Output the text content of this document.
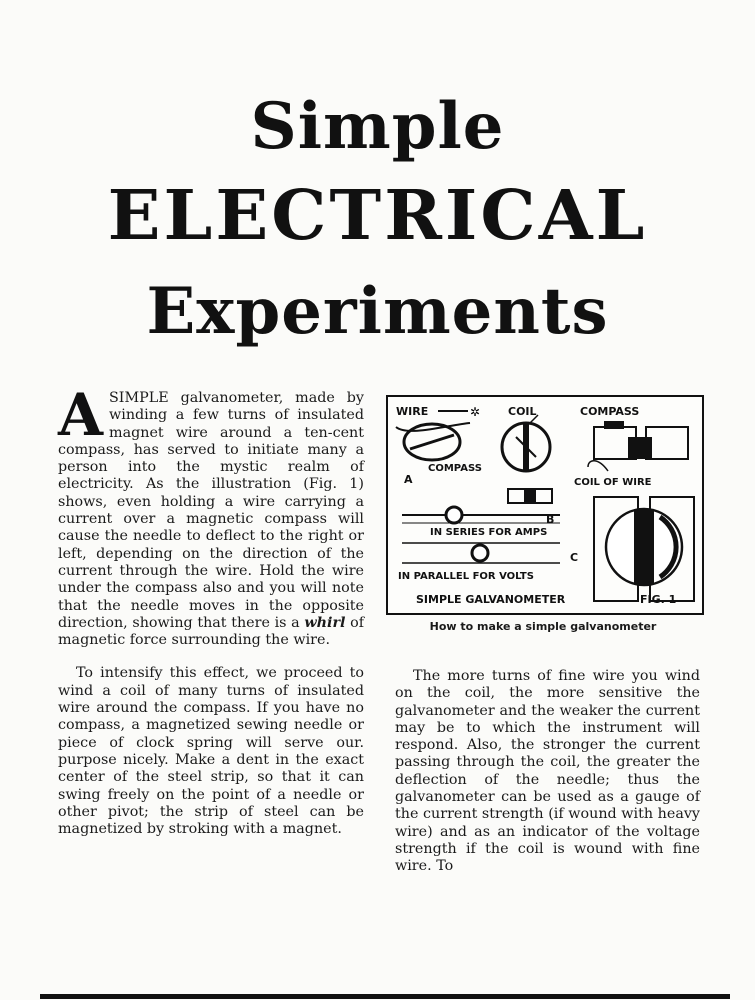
Simple
ELECTRICAL
Experiments

ASIMPLE galvanometer, made by winding a few turns of insulated magnet wire around a ten-cent compass, has served to initiate many a person into the mystic realm of electricity. As the illustration (Fig. 1) shows, even holding a wire carrying a current over a magnetic compass will cause the needle to deflect to the right or left, depending on the direction of the current through the wire. Hold the wire under the compass also and you will note that the needle moves in the opposite direction, showing that there is a whirl of magnetic force surrounding the wire.

To intensify this effect, we proceed to wind a coil of many turns of insulated wire around the compass. If you have no compass, a magnetized sewing needle or piece of clock spring will serve our. purpose nicely. Make a dent in the exact center of the steel strip, so that it can swing freely on the point of a needle or other pivot; the strip of steel can be magnetized by stroking with a magnet.

WIRE	✲	COIL	COMPASS
COMPASS
A	COIL OF WIRE
B
IN SERIES FOR AMPS
IN PARALLEL FOR VOLTS
C
SIMPLE GALVANOMETER	FIG. 1
How to make a simple galvanometer

The more turns of fine wire you wind on the coil, the more sensitive the galvanometer and the weaker the current may be to which the instrument will respond. Also, the stronger the current passing through the coil, the greater the deflection of the needle; thus the galvanometer can be used as a gauge of the current strength (if wound with heavy wire) and as an indicator of the voltage strength if the coil is wound with fine wire. To
